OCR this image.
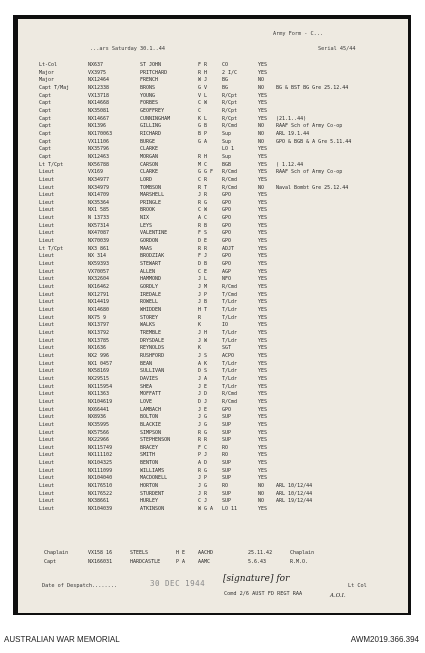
Army Form - C...
...ars Saturday 30.1..44	Serial 45/44
Lt-Col	NX637	ST JOHN	F R	CO	YES
Major	VX3975	PRITCHARD	R H	2 I/C	YES
Major	NX12464	FRENCH	W J	BG	NO
Capt T/Maj	NX12338	BRONS	G V	BG	NO	BG & BST BG Gre 25.12.44
Capt	VX13718	YOUNG	V L	R/Cpt	YES
Capt	NX14668	FORBES	C W	R/Cpt	YES
Capt	NX35081	GEOFFREY	C	R/Cpt	YES
Capt	NX14667	CUNNINGHAM	K L	R/Cpt	YES	(21.1..44)
Capt	NX1396	GILLING	G B	R/Cmd	NO	RAAF Sch of Army Co-op
Capt	NX170063	RICHARD	B P	Sup	NO	ARL 19.1.44
Capt	VX11106	BURGE	G A	Sup	NO	GPO & BGB & A Gre 5.11.44
Capt	NX35796	CLARKE	LO 1	YES
Capt	NX12463	MORGAN	R H	Sup	YES
Lt T/Cpt	NX56788	CARSON	M C	BGB	YES	( 1.12.44
Lieut	VX169	CLARKE	G G F	R/Cmd	YES	RAAF Sch of Army Co-op
Lieut	NX34977	LORD	C R	R/Cmd	YES
Lieut	NX34979	TOMBSON	R T	R/Cmd	NO	Naval Bombt Gre 25.12.44
Lieut	NX14709	MARSHELL	J R	GPO	YES
Lieut	NX35364	PRINGLE	R G	GPO	YES
Lieut	NX1 585	BROOK	C W	GPO	YES
Lieut	N 13733	NIX	A C	GPO	YES
Lieut	NX57314	LEYS	R B	GPO	YES
Lieut	NX47087	VALENTINE	F S	GPO	YES
Lieut	NX70039	GORDON	D E	GPO	YES
Lt T/Cpt	NX3 861	MAAS	R R	ADJT	YES
Lieut	NX 314	BRODZIAK	F J	GPO	YES
Lieut	NX59393	STEWART	D B	GPO	YES
Lieut	VX70057	ALLEN	C E	AGP	YES
Lieut	NX32604	HAMMOND	J L	NFO	YES
Lieut	NX16462	GORDLY	J M	R/Cmd	YES
Lieut	NX12791	IREDALE	J P	T/Cmd	YES
Lieut	NX14419	ROWELL	J B	T/Ldr	YES
Lieut	NX14680	WHIDDEN	H T	T/Ldr	YES
Lieut	NX75 9	STOREY	R	T/Ldr	YES
Lieut	NX13797	WALKS	K	IO	YES
Lieut	NX13792	TREMBLE	J H	T/Ldr	YES
Lieut	NX13785	DRYSDALE	J W	T/Ldr	YES
Lieut	NX1636	REYNOLDS	K	SGT	YES
Lieut	NX2 996	RUSHFORD	J S	ACPO	YES
Lieut	NX1 0457	BEAN	A K	T/Ldr	YES
Lieut	NX58169	SULLIVAN	D S	T/Ldr	YES
Lieut	NX29515	DAVIES	J A	T/Ldr	YES
Lieut	NX115954	SHEA	J E	T/Ldr	YES
Lieut	NX11363	MOFFATT	J D	R/Cmd	YES
Lieut	NX104619	LOVE	D J	R/Cmd	YES
Lieut	NX66441	LAMBACH	J E	GPO	YES
Lieut	NX8936	BOLTON	J G	SUP	YES
Lieut	NX35995	BLACKIE	J G	SUP	YES
Lieut	NX57566	SIMPSON	R G	SUP	YES
Lieut	NX22966	STEPHENSON	R R	SUP	YES
Lieut	NX115749	BRACEY	F C	RO	YES
Lieut	NX111102	SMITH	P J	RO	YES
Lieut	NX104325	BENTON	A D	SUP	YES
Lieut	NX111099	WILLIAMS	R G	SUP	YES
Lieut	NX104040	MACDONELL	J P	SUP	YES
Lieut	NX176510	HORTON	J G	RO	NO	ARL 10/12/44
Lieut	NX176522	STURDENT	J R	SUP	NO	ARL 10/12/44
Lieut	NX38661	HURLEY	C J	SUP	NO	ARL 19/12/44
Lieut	NX104039	ATKINSON	W G A	LO 11	YES
Chaplain	VX158 16	STEELS	H E	AACHD	25.11.42	Chaplain
Capt	NX166031	HARDCASTLE	P A	AAMC	5.6.43	R.M.O.
Date of Despatch........	30 DEC 1944 [signature] for
Lt Col
Comd 2/6 AUST FD REGT RAA	A.O.I.
AUSTRALIAN WAR MEMORIAL	AWM2019.366.394
